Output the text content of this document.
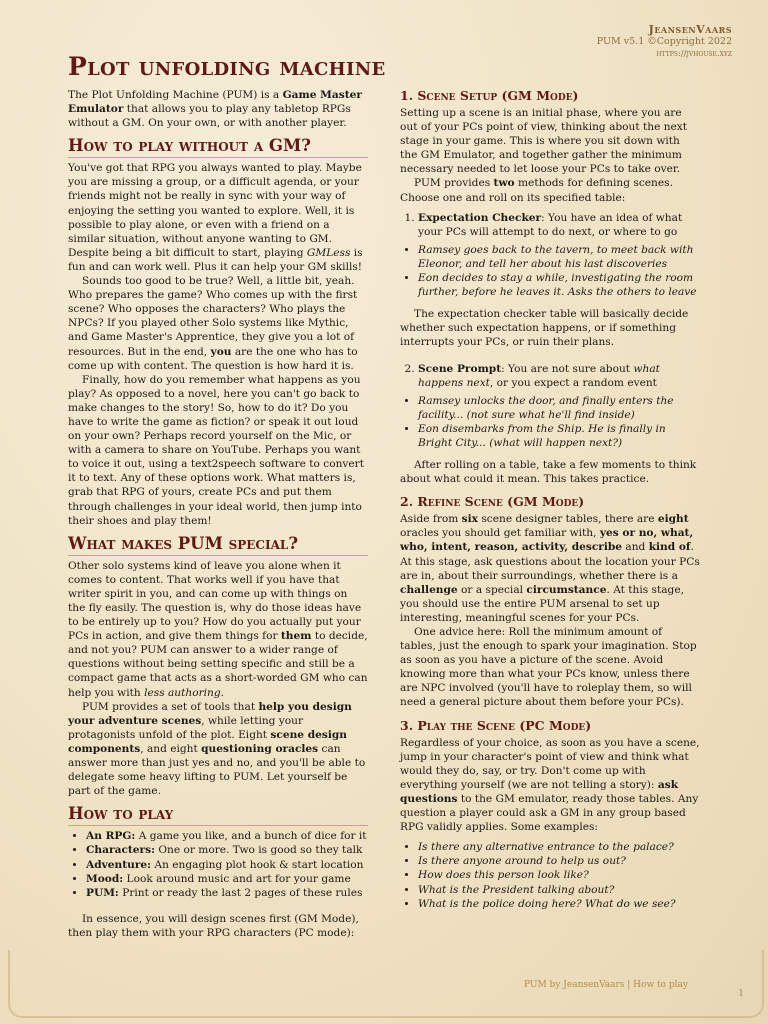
JeansenVaars
PUM v5.1 ©Copyright 2022
https://jvhouse.xyz
Plot unfolding machine

The Plot Unfolding Machine (PUM) is a Game Master Emulator that allows you to play any tabletop RPGs without a GM. On your own, or with another player.

How to play without a GM?

You've got that RPG you always wanted to play. Maybe you are missing a group, or a difficult agenda, or your friends might not be really in sync with your way of enjoying the setting you wanted to explore. Well, it is possible to play alone, or even with a friend on a similar situation, without anyone wanting to GM. Despite being a bit difficult to start, playing GMLess is fun and can work well. Plus it can help your GM skills!

Sounds too good to be true? Well, a little bit, yeah. Who prepares the game? Who comes up with the first scene? Who opposes the characters? Who plays the NPCs? If you played other Solo systems like Mythic, and Game Master's Apprentice, they give you a lot of resources. But in the end, you are the one who has to come up with content. The question is how hard it is.

Finally, how do you remember what happens as you play? As opposed to a novel, here you can't go back to make changes to the story! So, how to do it? Do you have to write the game as fiction? or speak it out loud on your own? Perhaps record yourself on the Mic, or with a camera to share on YouTube. Perhaps you want to voice it out, using a text2speech software to convert it to text. Any of these options work. What matters is, grab that RPG of yours, create PCs and put them through challenges in your ideal world, then jump into their shoes and play them!

What makes PUM special?

Other solo systems kind of leave you alone when it comes to content. That works well if you have that writer spirit in you, and can come up with things on the fly easily. The question is, why do those ideas have to be entirely up to you? How do you actually put your PCs in action, and give them things for them to decide, and not you? PUM can answer to a wider range of questions without being setting specific and still be a compact game that acts as a short-worded GM who can help you with less authoring.

PUM provides a set of tools that help you design your adventure scenes, while letting your protagonists unfold of the plot. Eight scene design components, and eight questioning oracles can answer more than just yes and no, and you'll be able to delegate some heavy lifting to PUM. Let yourself be part of the game.

How to play
• An RPG: A game you like, and a bunch of dice for it
• Characters: One or more. Two is good so they talk
• Adventure: An engaging plot hook & start location
• Mood: Look around music and art for your game
• PUM: Print or ready the last 2 pages of these rules

In essence, you will design scenes first (GM Mode), then play them with your RPG characters (PC mode):

1. Scene Setup (GM Mode)

Setting up a scene is an initial phase, where you are out of your PCs point of view, thinking about the next stage in your game. This is where you sit down with the GM Emulator, and together gather the minimum necessary needed to let loose your PCs to take over.

PUM provides two methods for defining scenes. Choose one and roll on its specified table:

1. Expectation Checker: You have an idea of what your PCs will attempt to do next, or where to go
• Ramsey goes back to the tavern, to meet back with Eleonor, and tell her about his last discoveries
• Eon decides to stay a while, investigating the room further, before he leaves it. Asks the others to leave

The expectation checker table will basically decide whether such expectation happens, or if something interrupts your PCs, or ruin their plans.

2. Scene Prompt: You are not sure about what happens next, or you expect a random event
• Ramsey unlocks the door, and finally enters the facility... (not sure what he'll find inside)
• Eon disembarks from the Ship. He is finally in Bright City... (what will happen next?)

After rolling on a table, take a few moments to think about what could it mean. This takes practice.

2. Refine Scene (GM Mode)

Aside from six scene designer tables, there are eight oracles you should get familiar with, yes or no, what, who, intent, reason, activity, describe and kind of. At this stage, ask questions about the location your PCs are in, about their surroundings, whether there is a challenge or a special circumstance. At this stage, you should use the entire PUM arsenal to set up interesting, meaningful scenes for your PCs.

One advice here: Roll the minimum amount of tables, just the enough to spark your imagination. Stop as soon as you have a picture of the scene. Avoid knowing more than what your PCs know, unless there are NPC involved (you'll have to roleplay them, so will need a general picture about them before your PCs).

3. Play the Scene (PC Mode)

Regardless of your choice, as soon as you have a scene, jump in your character's point of view and think what would they do, say, or try. Don't come up with everything yourself (we are not telling a story): ask questions to the GM emulator, ready those tables. Any question a player could ask a GM in any group based RPG validly applies. Some examples:

• Is there any alternative entrance to the palace?
• Is there anyone around to help us out?
• How does this person look like?
• What is the President talking about?
• What is the police doing here? What do we see?
PUM by JeansenVaars | How to play
1
